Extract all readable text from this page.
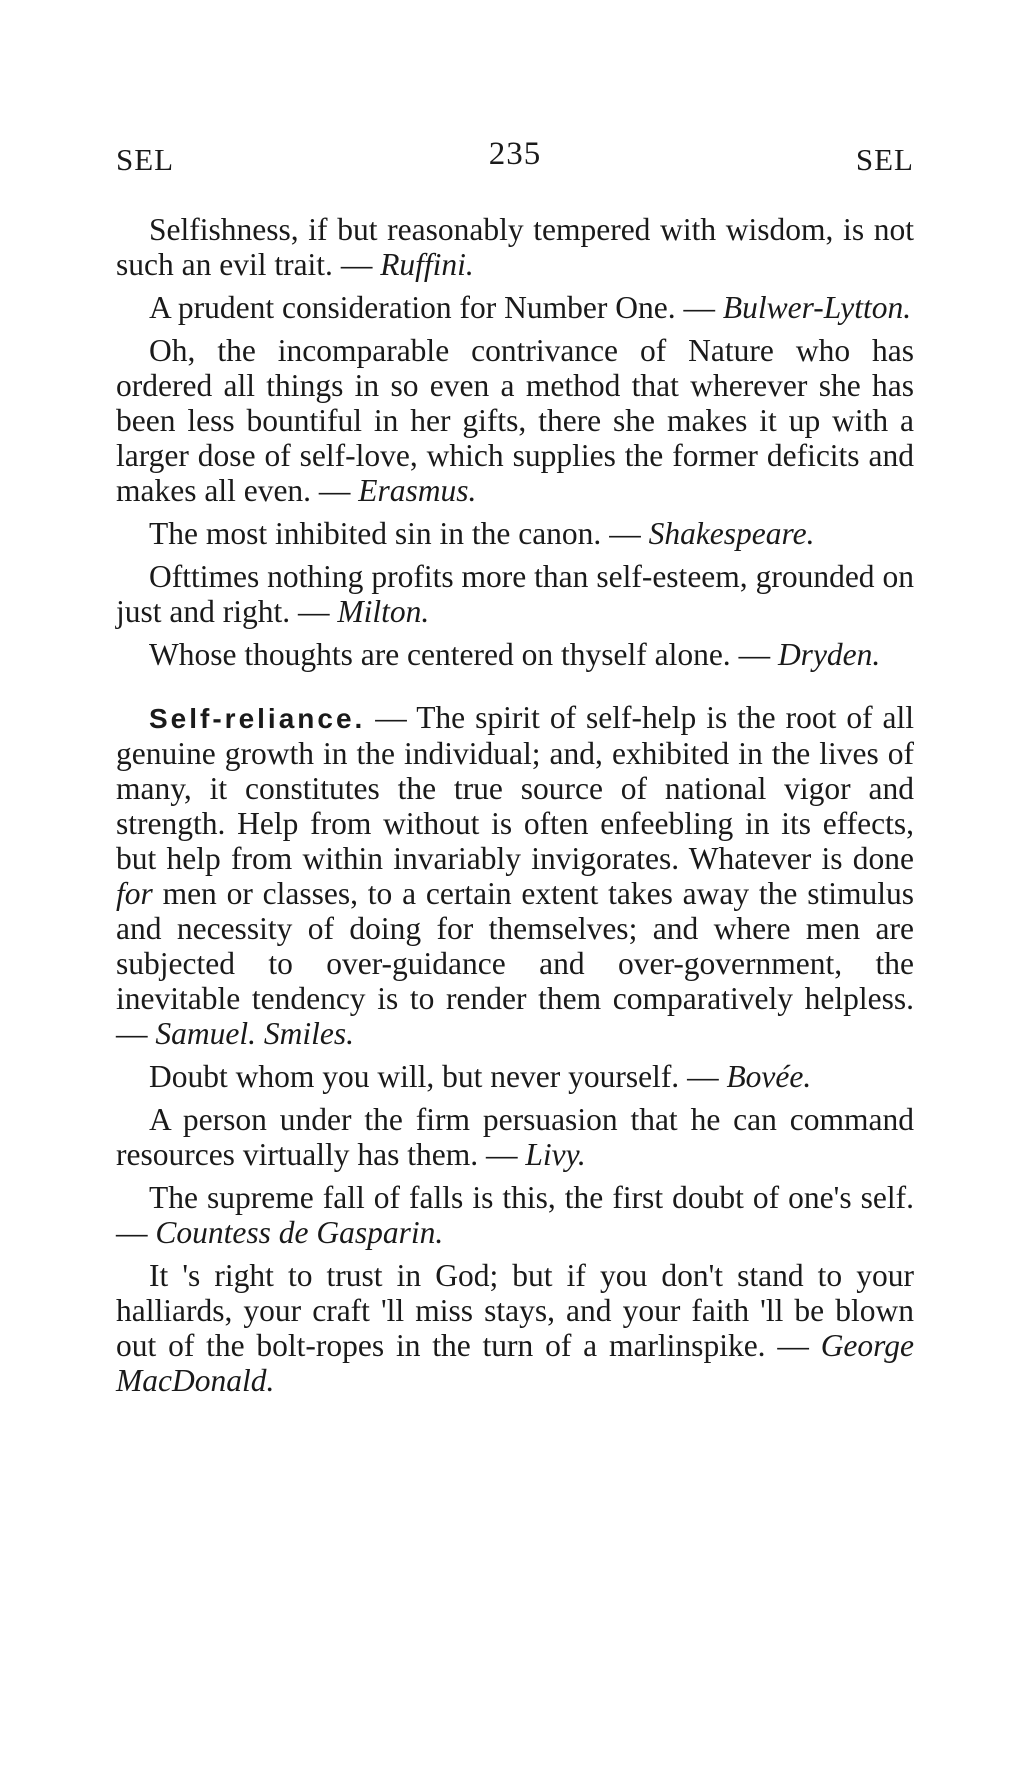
SEL	235	SEL

Selfishness, if but reasonably tempered with wisdom, is not such an evil trait. — Ruffini.

A prudent consideration for Number One. — Bulwer-Lytton.

Oh, the incomparable contrivance of Nature who has ordered all things in so even a method that wherever she has been less bountiful in her gifts, there she makes it up with a larger dose of self-love, which supplies the former deficits and makes all even. — Erasmus.

The most inhibited sin in the canon. — Shakespeare.

Ofttimes nothing profits more than self-esteem, grounded on just and right. — Milton.

Whose thoughts are centered on thyself alone. — Dryden.

Self-reliance. — The spirit of self-help is the root of all genuine growth in the individual; and, exhibited in the lives of many, it constitutes the true source of national vigor and strength. Help from without is often enfeebling in its effects, but help from within invariably invigorates. Whatever is done for men or classes, to a certain extent takes away the stimulus and necessity of doing for themselves; and where men are subjected to over-guidance and over-government, the inevitable tendency is to render them comparatively helpless. — Samuel. Smiles.

Doubt whom you will, but never yourself. — Bovée.

A person under the firm persuasion that he can command resources virtually has them. — Livy.

The supreme fall of falls is this, the first doubt of one's self. — Countess de Gasparin.

It 's right to trust in God; but if you don't stand to your halliards, your craft 'll miss stays, and your faith 'll be blown out of the bolt-ropes in the turn of a marlinspike. — George MacDonald.
